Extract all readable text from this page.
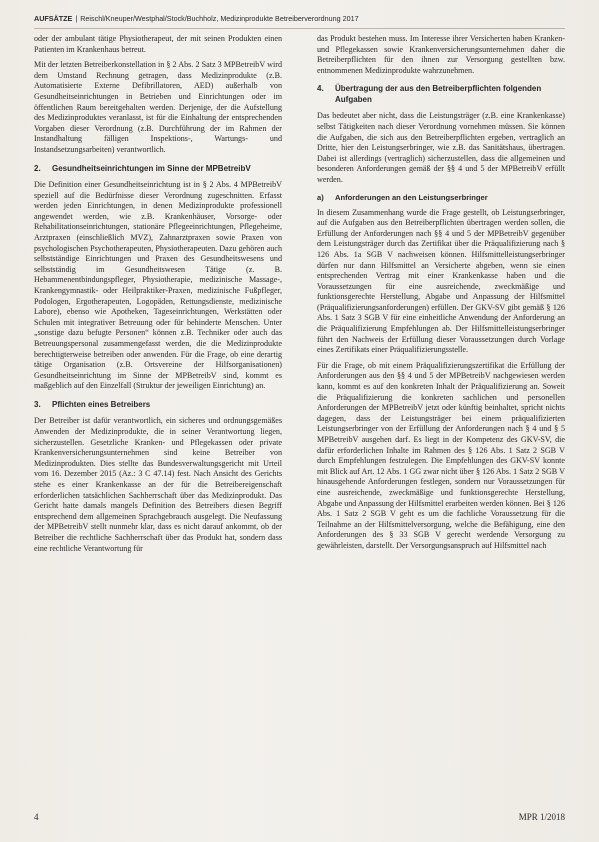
AUFSÄTZE | Reischl/Kneuper/Westphal/Stock/Buchholz, Medizinprodukte Betreiberverordnung 2017

oder der ambulant tätige Physiotherapeut, der mit seinen Produkten einen Patienten im Krankenhaus betreut.

Mit der letzten Betreiberkonstellation in § 2 Abs. 2 Satz 3 MPBetreibV wird dem Umstand Rechnung getragen, dass Medizinprodukte (z.B. Automatisierte Externe Defibrillatoren, AED) außerhalb von Gesundheitseinrichtungen in Betrieben und Einrichtungen oder im öffentlichen Raum bereitgehalten werden. Derjenige, der die Aufstellung des Medizinproduktes veranlasst, ist für die Einhaltung der entsprechenden Vorgaben dieser Verordnung (z.B. Durchführung der im Rahmen der Instandhaltung fälligen Inspektions-, Wartungs- und Instandsetzungsarbeiten) verantwortlich.

2.	Gesundheitseinrichtungen im Sinne der MPBetreibV

Die Definition einer Gesundheitseinrichtung ist in § 2 Abs. 4 MPBetreibV speziell auf die Bedürfnisse dieser Verordnung zugeschnitten. Erfasst werden jeden Einrichtungen, in denen Medizinprodukte professionell angewendet werden, wie z.B. Krankenhäuser, Vorsorge- oder Rehabilitationseinrichtungen, stationäre Pflegeeinrichtungen, Pflegeheime, Arztpraxen (einschließlich MVZ), Zahnarztpraxen sowie Praxen von psychologischen Psychotherapeuten, Physiotherapeuten. Dazu gehören auch selbstständige Einrichtungen und Praxen des Gesundheitswesens und selbstständig im Gesundheitswesen Tätige (z. B. Hebammenentbindungspfleger, Physiotherapie, medizinische Massage-, Krankengymnastik- oder Heilpraktiker-Praxen, medizinische Fußpfleger, Podologen, Ergotherapeuten, Logopäden, Rettungsdienste, medizinische Labore), ebenso wie Apotheken, Tageseinrichtungen, Werkstätten oder Schulen mit integrativer Betreuung oder für behinderte Menschen. Unter „sonstige dazu befugte Personen“ können z.B. Techniker oder auch das Betreuungspersonal zusammengefasst werden, die die Medizinprodukte berechtigterweise betreiben oder anwenden. Für die Frage, ob eine derartig tätige Organisation (z.B. Ortsvereine der Hilfsorganisationen) Gesundheitseinrichtung im Sinne der MPBetreibV sind, kommt es maßgeblich auf den Einzelfall (Struktur der jeweiligen Einrichtung) an.

3.	Pflichten eines Betreibers

Der Betreiber ist dafür verantwortlich, ein sicheres und ordnungsgemäßes Anwenden der Medizinprodukte, die in seiner Verantwortung liegen, sicherzustellen. Gesetzliche Kranken- und Pflegekassen oder private Krankenversicherungsunternehmen sind keine Betreiber von Medizinprodukten. Dies stellte das Bundesverwaltungsgericht mit Urteil vom 16. Dezember 2015 (Az.: 3 C 47.14) fest. Nach Ansicht des Gerichts stehe es einer Krankenkasse an der für die Betreibereigenschaft erforderlichen tatsächlichen Sachherrschaft über das Medizinprodukt. Das Gericht hatte damals mangels Definition des Betreibers diesen Begriff entsprechend dem allgemeinen Sprachgebrauch ausgelegt. Die Neufassung der MPBetreibV stellt nunmehr klar, dass es nicht darauf ankommt, ob der Betreiber die rechtliche Sachherrschaft über das Produkt hat, sondern dass eine rechtliche Verantwortung für

das Produkt bestehen muss. Im Interesse ihrer Versicherten haben Kranken- und Pflegekassen sowie Krankenversicherungsunternehmen daher die Betreiberpflichten für den ihnen zur Versorgung gestellten bzw. entnommenen Medizinprodukte wahrzunehmen.

4.	Übertragung der aus den Betreiberpflichten folgenden Aufgaben

Das bedeutet aber nicht, dass die Leistungsträger (z.B. eine Krankenkasse) selbst Tätigkeiten nach dieser Verordnung vornehmen müssen. Sie können die Aufgaben, die sich aus den Betreiberpflichten ergeben, vertraglich an Dritte, hier den Leistungserbringer, wie z.B. das Sanitätshaus, übertragen. Dabei ist allerdings (vertraglich) sicherzustellen, dass die allgemeinen und besonderen Anforderungen gemäß der §§ 4 und 5 der MPBetreibV erfüllt werden.

a)	Anforderungen an den Leistungserbringer

In diesem Zusammenhang wurde die Frage gestellt, ob Leistungserbringer, auf die Aufgaben aus den Betreiberpflichten übertragen werden sollen, die Erfüllung der Anforderungen nach §§ 4 und 5 der MPBetreibV gegenüber dem Leistungsträger durch das Zertifikat über die Präqualifizierung nach § 126 Abs. 1a SGB V nachweisen können. Hilfsmittelleistungserbringer dürfen nur dann Hilfsmittel an Versicherte abgeben, wenn sie einen entsprechenden Vertrag mit einer Krankenkasse haben und die Voraussetzungen für eine ausreichende, zweckmäßige und funktionsgerechte Herstellung, Abgabe und Anpassung der Hilfsmittel (Präqualifizierungsanforderungen) erfüllen. Der GKV-SV gibt gemäß § 126 Abs. 1 Satz 3 SGB V für eine einheitliche Anwendung der Anforderung an die Präqualifizierung Empfehlungen ab. Der Hilfsmittelleistungserbringer führt den Nachweis der Erfüllung dieser Voraussetzungen durch Vorlage eines Zertifikats einer Präqualifizierungsstelle.

Für die Frage, ob mit einem Präqualifizierungszertifikat die Erfüllung der Anforderungen aus den §§ 4 und 5 der MPBetreibV nachgewiesen werden kann, kommt es auf den konkreten Inhalt der Präqualifizierung an. Soweit die Präqualifizierung die konkreten sachlichen und personellen Anforderungen der MPBetreibV jetzt oder künftig beinhaltet, spricht nichts dagegen, dass der Leistungsträger bei einem präqualifizierten Leistungserbringer von der Erfüllung der Anforderungen nach § 4 und § 5 MPBetreibV ausgehen darf. Es liegt in der Kompetenz des GKV-SV, die dafür erforderlichen Inhalte im Rahmen des § 126 Abs. 1 Satz 2 SGB V durch Empfehlungen festzulegen. Die Empfehlungen des GKV-SV konnte mit Blick auf Art. 12 Abs. 1 GG zwar nicht über § 126 Abs. 1 Satz 2 SGB V hinausgehende Anforderungen festlegen, sondern nur Voraussetzungen für eine ausreichende, zweckmäßige und funktionsgerechte Herstellung, Abgabe und Anpassung der Hilfsmittel erarbeiten werden können. Bei § 126 Abs. 1 Satz 2 SGB V geht es um die fachliche Voraussetzung für die Teilnahme an der Hilfsmittelversorgung, welche die Befähigung, eine den Anforderungen des § 33 SGB V gerecht werdende Versorgung zu gewährleisten, darstellt. Der Versorgungsanspruch auf Hilfsmittel nach

4	MPR 1/2018
